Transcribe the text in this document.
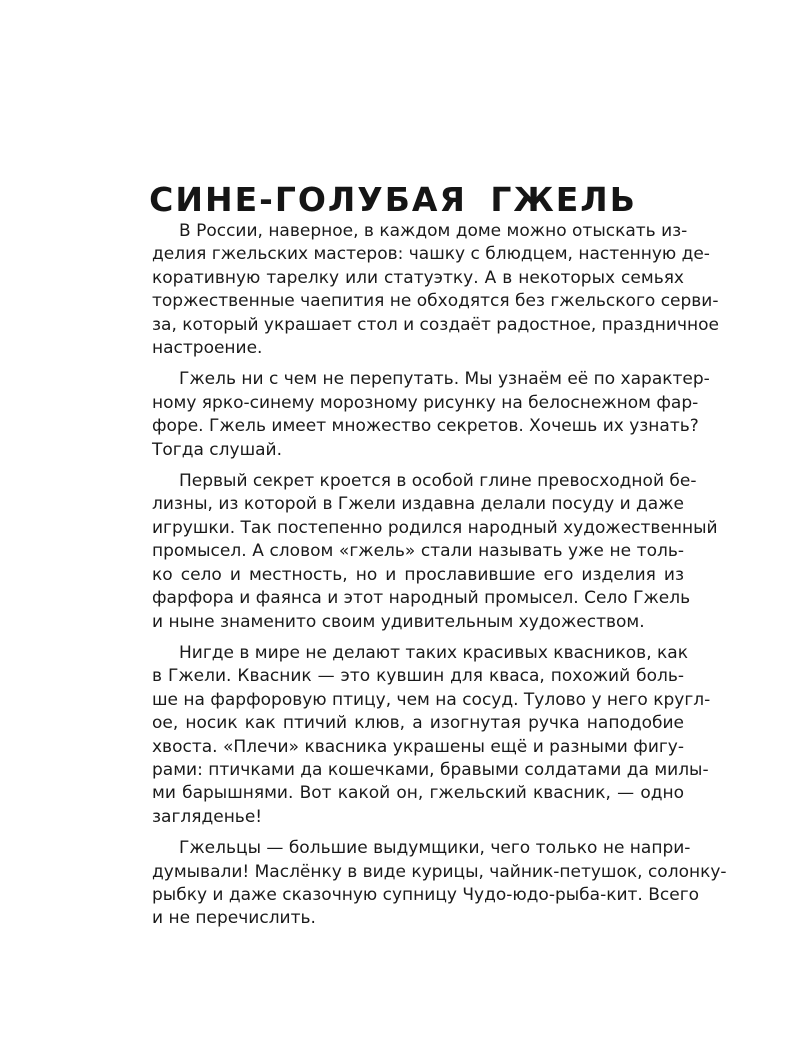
СИНЕ-ГОЛУБАЯ ГЖЕЛЬ

В России, наверное, в каждом доме можно отыскать из-
делия гжельских мастеров: чашку с блюдцем, настенную де-
коративную тарелку или статуэтку. А в некоторых семьях
торжественные чаепития не обходятся без гжельского серви-
за, который украшает стол и создаёт радостное, праздничное
настроение.

Гжель ни с чем не перепутать. Мы узнаём её по характер-
ному ярко-синему морозному рисунку на белоснежном фар-
форе. Гжель имеет множество секретов. Хочешь их узнать?
Тогда слушай.

Первый секрет кроется в особой глине превосходной бе-
лизны, из которой в Гжели издавна делали посуду и даже
игрушки. Так постепенно родился народный художественный
промысел. А словом «гжель» стали называть уже не толь-
ко село и местность, но и прославившие его изделия из
фарфора и фаянса и этот народный промысел. Село Гжель
и ныне знаменито своим удивительным художеством.

Нигде в мире не делают таких красивых квасников, как
в Гжели. Квасник — это кувшин для кваса, похожий боль-
ше на фарфоровую птицу, чем на сосуд. Тулово у него кругл-
ое, носик как птичий клюв, а изогнутая ручка наподобие
хвоста. «Плечи» квасника украшены ещё и разными фигу-
рами: птичками да кошечками, бравыми солдатами да милы-
ми барышнями. Вот какой он, гжельский квасник, — одно
загляденье!

Гжельцы — большие выдумщики, чего только не напри-
думывали! Маслёнку в виде курицы, чайник-петушок, солонку-
рыбку и даже сказочную супницу Чудо-юдо-рыба-кит. Всего
и не перечислить.
